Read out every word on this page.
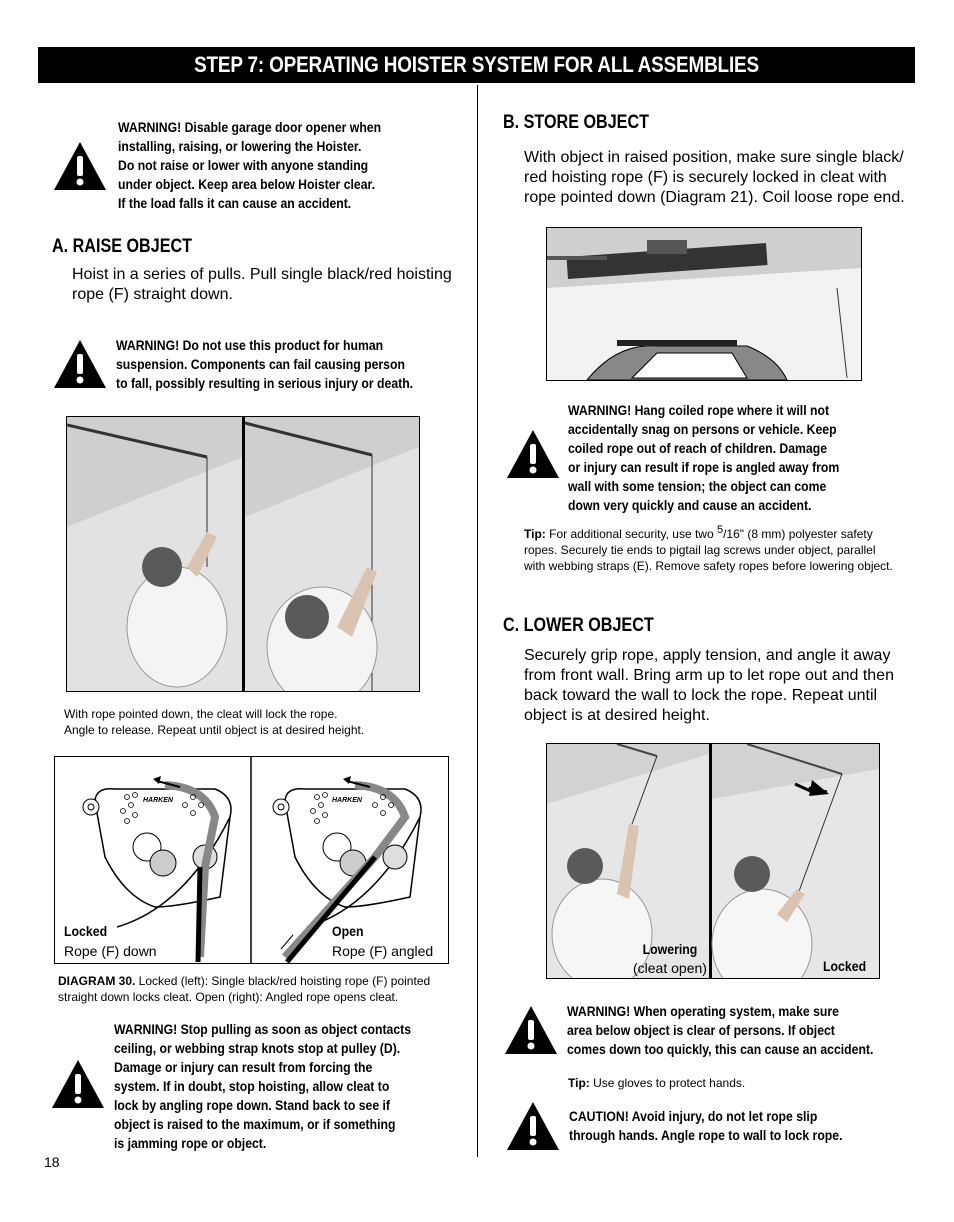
STEP 7: OPERATING HOISTER SYSTEM FOR ALL ASSEMBLIES
WARNING! Disable garage door opener when
installing, raising, or lowering the Hoister.
Do not raise or lower with anyone standing
under object. Keep area below Hoister clear.
If the load falls it can cause an accident.
A. RAISE OBJECT
Hoist in a series of pulls. Pull single black/red hoisting
rope (F) straight down.
WARNING! Do not use this product for human
suspension. Components can fail causing person
to fall, possibly resulting in serious injury or death.
With rope pointed down, the cleat will lock the rope.
Angle to release. Repeat until object is at desired height.
HARKEN	HARKEN
Locked
Rope (F) down
Open
Rope (F) angled
DIAGRAM 30. Locked (left): Single black/red hoisting rope (F) pointed
straight down locks cleat. Open (right): Angled rope opens cleat.
WARNING! Stop pulling as soon as object contacts
ceiling, or webbing strap knots stop at pulley (D).
Damage or injury can result from forcing the
system. If in doubt, stop hoisting, allow cleat to
lock by angling rope down. Stand back to see if
object is raised to the maximum, or if something
is jamming rope or object.
18
B. STORE OBJECT
With object in raised position, make sure single black/
red hoisting rope (F) is securely locked in cleat with
rope pointed down (Diagram 21). Coil loose rope end.
WARNING! Hang coiled rope where it will not
accidentally snag on persons or vehicle. Keep
coiled rope out of reach of children. Damage
or injury can result if rope is angled away from
wall with some tension; the object can come
down very quickly and cause an accident.
Tip: For additional security, use two $^5$/16" (8 mm) polyester safety
ropes. Securely tie ends to pigtail lag screws under object, parallel
with webbing straps (E). Remove safety ropes before lowering object.
C. LOWER OBJECT
Securely grip rope, apply tension, and angle it away
from front wall. Bring arm up to let rope out and then
back toward the wall to lock the rope. Repeat until
object is at desired height.
Lowering
(cleat open)	Locked
WARNING! When operating system, make sure
area below object is clear of persons. If object
comes down too quickly, this can cause an accident.
Tip: Use gloves to protect hands.
CAUTION! Avoid injury, do not let rope slip
through hands. Angle rope to wall to lock rope.
